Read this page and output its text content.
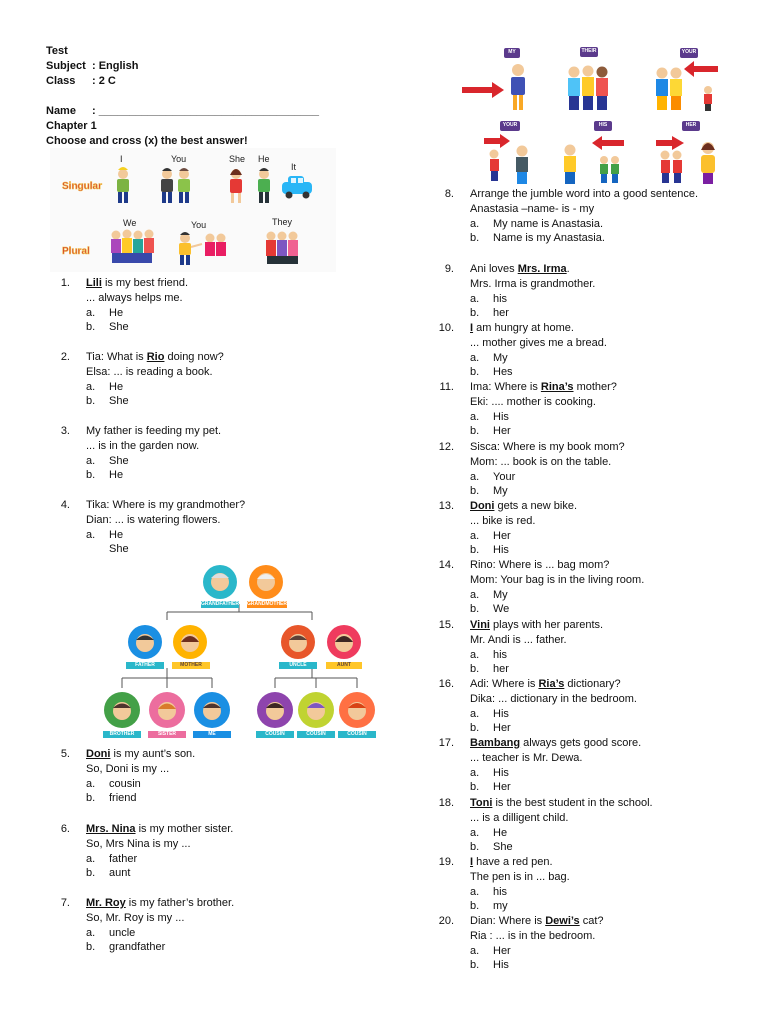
Test
Subject : English
Class : 2 C
Name : ____________________________________
Chapter 1
Choose and cross (x) the best answer!
Singular
Plural
I	You	She He
It
We	You	They
MY	THEIR	YOUR
YOUR	HIS	HER
GRANDFATHER GRANDMOTHER
FATHER	MOTHER	UNCLE	AUNT
BROTHER	SISTER	ME	COUSIN	COUSIN	COUSIN
1. Lili is my best friend.
... always helps me.
a. He
b. She
2. Tia: What is Rio doing now?
Elsa: ... is reading a book.
a. He
b. She
3. My father is feeding my pet.
... is in the garden now.
a. She
b. He
4. Tika: Where is my grandmother?
Dian: ... is watering flowers.
a. He
She
5. Doni is my aunt’s son.
So, Doni is my ...
a. cousin
b. friend
6. Mrs. Nina is my mother sister.
So, Mrs Nina is my ...
a. father
b. aunt
7. Mr. Roy is my father’s brother.
So, Mr. Roy is my ...
a. uncle
b. grandfather
8. Arrange the jumble word into a good sentence.
Anastasia –name- is - my
a. My name is Anastasia.
b. Name is my Anastasia.
9. Ani loves Mrs. Irma.
Mrs. Irma is grandmother.
a. his
b. her
10. I am hungry at home.
... mother gives me a bread.
a. My
b. Hes
11. Ima: Where is Rina’s mother?
Eki: .... mother is cooking.
a. His
b. Her
12. Sisca: Where is my book mom?
Mom: ... book is on the table.
a. Your
b. My
13. Doni gets a new bike.
... bike is red.
a. Her
b. His
14. Rino: Where is ... bag mom?
Mom: Your bag is in the living room.
a. My
b. We
15. Vini plays with her parents.
Mr. Andi is ... father.
a. his
b. her
16. Adi: Where is Ria’s dictionary?
Dika: ... dictionary in the bedroom.
a. His
b. Her
17. Bambang always gets good score.
... teacher is Mr. Dewa.
a. His
b. Her
18. Toni is the best student in the school.
... is a dilligent child.
a. He
b. She
19. I have a red pen.
The pen is in ... bag.
a. his
b. my
20. Dian: Where is Dewi’s cat?
Ria : ... is in the bedroom.
a. Her
b. His
